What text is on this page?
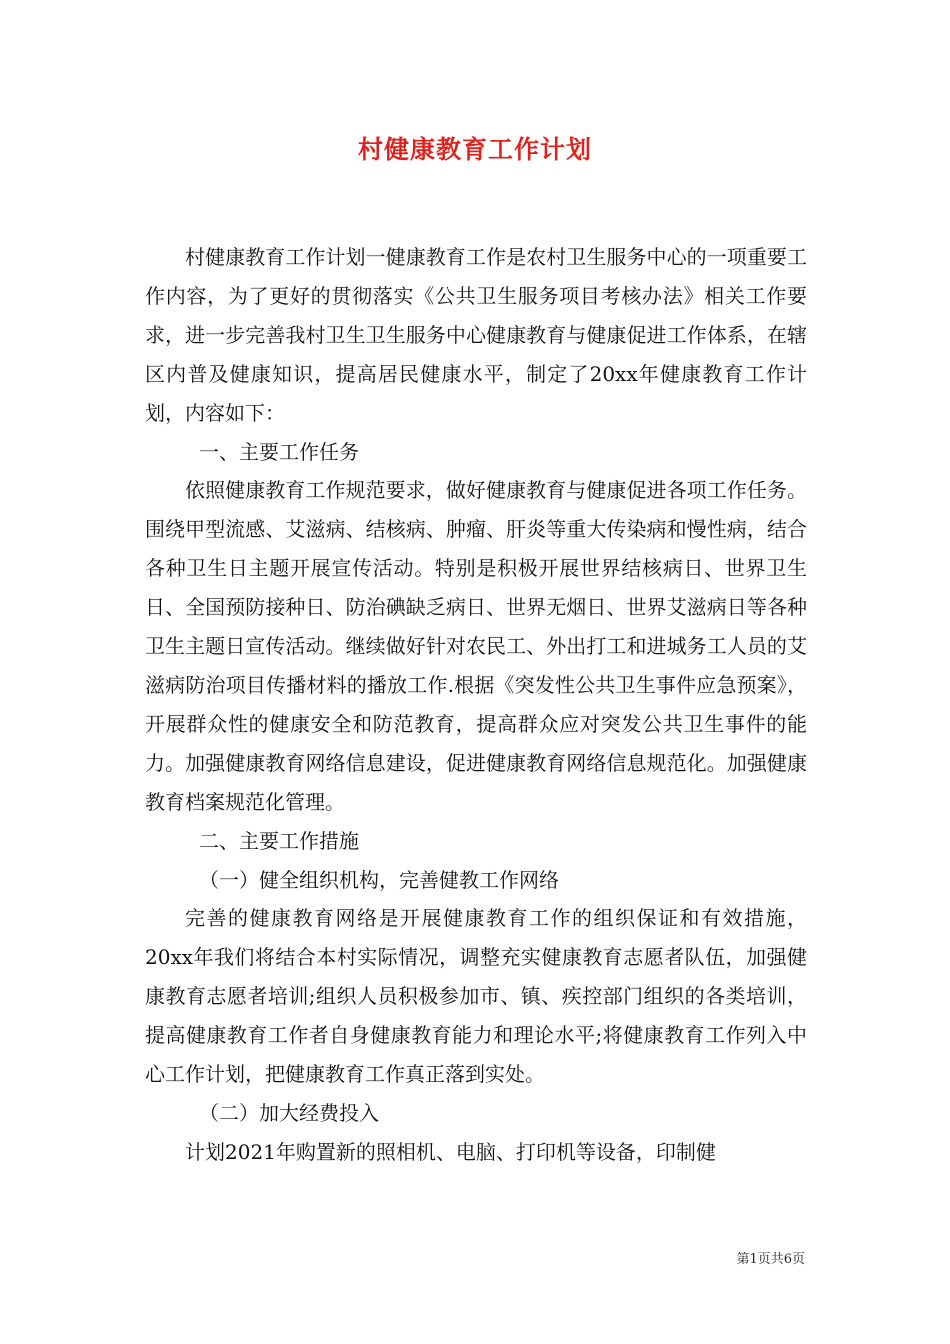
村健康教育工作计划

村健康教育工作计划一健康教育工作是农村卫生服务中心的一项重要工作内容，为了更好的贯彻落实《公共卫生服务项目考核办法》相关工作要求，进一步完善我村卫生卫生服务中心健康教育与健康促进工作体系，在辖区内普及健康知识，提高居民健康水平，制定了20xx年健康教育工作计划，内容如下：

一、主要工作任务

依照健康教育工作规范要求，做好健康教育与健康促进各项工作任务。围绕甲型流感、艾滋病、结核病、肿瘤、肝炎等重大传染病和慢性病，结合各种卫生日主题开展宣传活动。特别是积极开展世界结核病日、世界卫生日、全国预防接种日、防治碘缺乏病日、世界无烟日、世界艾滋病日等各种卫生主题日宣传活动。继续做好针对农民工、外出打工和进城务工人员的艾滋病防治项目传播材料的播放工作.根据《突发性公共卫生事件应急预案》，开展群众性的健康安全和防范教育，提高群众应对突发公共卫生事件的能力。加强健康教育网络信息建设，促进健康教育网络信息规范化。加强健康教育档案规范化管理。

二、主要工作措施

（一）健全组织机构，完善健教工作网络

完善的健康教育网络是开展健康教育工作的组织保证和有效措施，20xx年我们将结合本村实际情况，调整充实健康教育志愿者队伍，加强健康教育志愿者培训;组织人员积极参加市、镇、疾控部门组织的各类培训，提高健康教育工作者自身健康教育能力和理论水平;将健康教育工作列入中心工作计划，把健康教育工作真正落到实处。

（二）加大经费投入

计划2021年购置新的照相机、电脑、打印机等设备，印制健

第1页共6页
